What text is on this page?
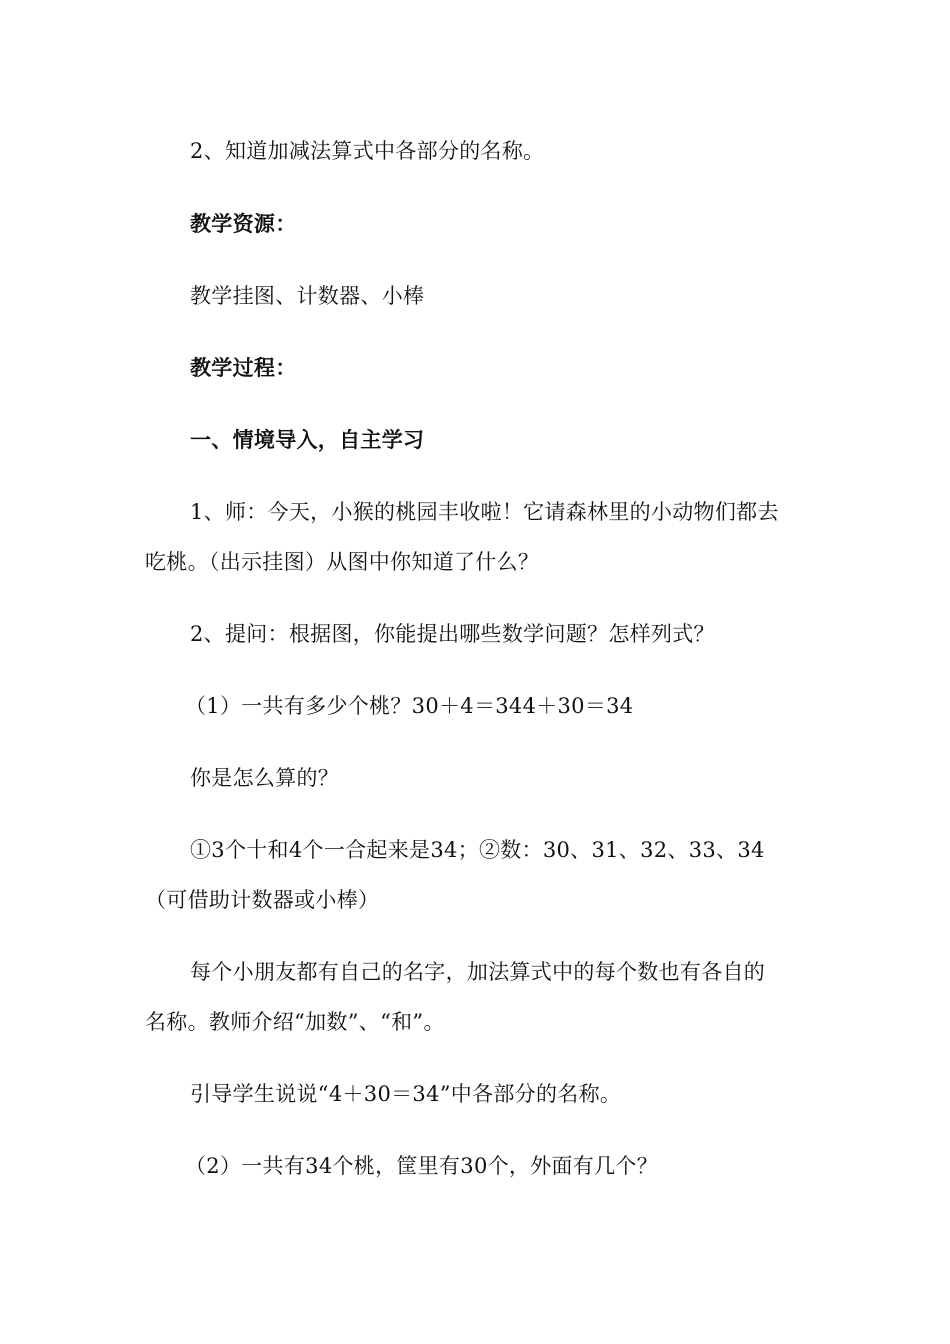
2、知道加减法算式中各部分的名称。
教学资源：
教学挂图、计数器、小棒
教学过程：
一、情境导入，自主学习
1、师：今天，小猴的桃园丰收啦！它请森林里的小动物们都去
吃桃。（出示挂图）从图中你知道了什么？
2、提问：根据图，你能提出哪些数学问题？怎样列式？
（1）一共有多少个桃？30＋4＝344＋30＝34
你是怎么算的？
①3个十和4个一合起来是34；②数：30、31、32、33、34
（可借助计数器或小棒）
每个小朋友都有自己的名字，加法算式中的每个数也有各自的
名称。教师介绍“加数”、“和”。
引导学生说说“4＋30＝34”中各部分的名称。
（2）一共有34个桃，筐里有30个，外面有几个？
